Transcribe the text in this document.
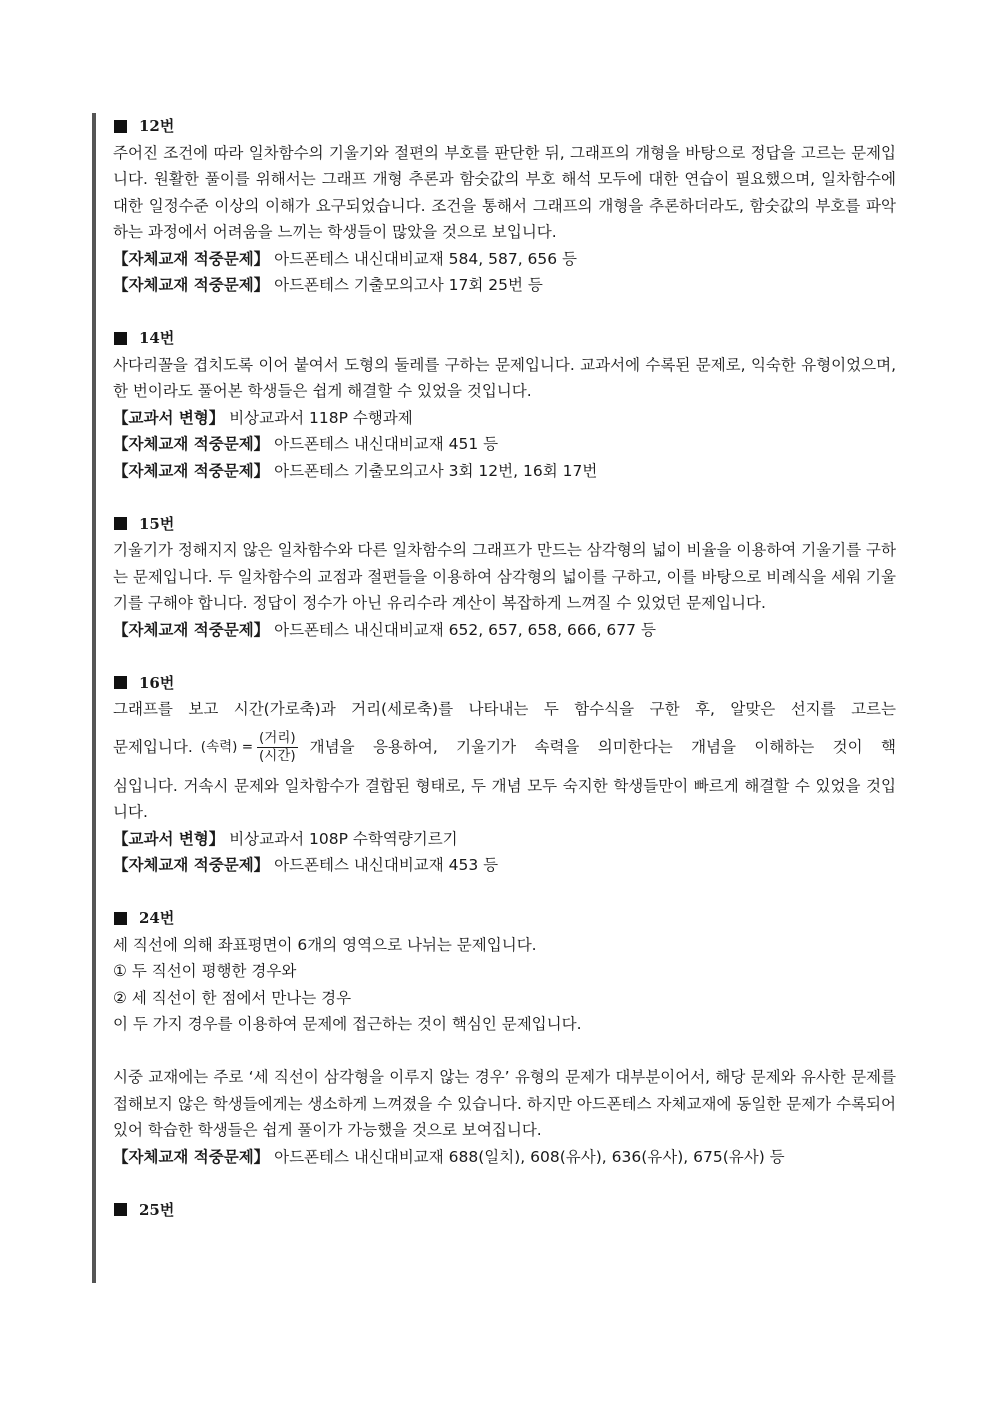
12번

주어진 조건에 따라 일차함수의 기울기와 절편의 부호를 판단한 뒤, 그래프의 개형을 바탕으로 정답을 고르는 문제입니다. 원활한 풀이를 위해서는 그래프 개형 추론과 함숫값의 부호 해석 모두에 대한 연습이 필요했으며, 일차함수에 대한 일정수준 이상의 이해가 요구되었습니다. 조건을 통해서 그래프의 개형을 추론하더라도, 함숫값의 부호를 파악하는 과정에서 어려움을 느끼는 학생들이 많았을 것으로 보입니다.

【자체교재 적중문제】 아드폰테스 내신대비교재 584, 587, 656 등

【자체교재 적중문제】 아드폰테스 기출모의고사 17회 25번 등

14번

사다리꼴을 겹치도록 이어 붙여서 도형의 둘레를 구하는 문제입니다. 교과서에 수록된 문제로, 익숙한 유형이었으며, 한 번이라도 풀어본 학생들은 쉽게 해결할 수 있었을 것입니다.

【교과서 변형】 비상교과서 118P 수행과제

【자체교재 적중문제】 아드폰테스 내신대비교재 451 등

【자체교재 적중문제】 아드폰테스 기출모의고사 3회 12번, 16회 17번

15번

기울기가 정해지지 않은 일차함수와 다른 일차함수의 그래프가 만드는 삼각형의 넓이 비율을 이용하여 기울기를 구하는 문제입니다. 두 일차함수의 교점과 절편들을 이용하여 삼각형의 넓이를 구하고, 이를 바탕으로 비례식을 세워 기울기를 구해야 합니다. 정답이 정수가 아닌 유리수라 계산이 복잡하게 느껴질 수 있었던 문제입니다.

【자체교재 적중문제】 아드폰테스 내신대비교재 652, 657, 658, 666, 677 등

16번

그래프를 보고 시간(가로축)과 거리(세로축)를 나타내는 두 함수식을 구한 후, 알맞은 선지를 고르는

문제입니다. (속력) = $\frac{\text{(거리)}}{\text{(시간)}}$ 개념을 응용하여, 기울기가 속력을 의미한다는 개념을 이해하는 것이 핵

심입니다. 거속시 문제와 일차함수가 결합된 형태로, 두 개념 모두 숙지한 학생들만이 빠르게 해결할 수 있었을 것입니다.

【교과서 변형】 비상교과서 108P 수학역량기르기

【자체교재 적중문제】 아드폰테스 내신대비교재 453 등

24번

세 직선에 의해 좌표평면이 6개의 영역으로 나뉘는 문제입니다.

① 두 직선이 평행한 경우와

② 세 직선이 한 점에서 만나는 경우

이 두 가지 경우를 이용하여 문제에 접근하는 것이 핵심인 문제입니다.

시중 교재에는 주로 ‘세 직선이 삼각형을 이루지 않는 경우’ 유형의 문제가 대부분이어서, 해당 문제와 유사한 문제를 접해보지 않은 학생들에게는 생소하게 느껴졌을 수 있습니다. 하지만 아드폰테스 자체교재에 동일한 문제가 수록되어 있어 학습한 학생들은 쉽게 풀이가 가능했을 것으로 보여집니다.

【자체교재 적중문제】 아드폰테스 내신대비교재 688(일치), 608(유사), 636(유사), 675(유사) 등

25번
